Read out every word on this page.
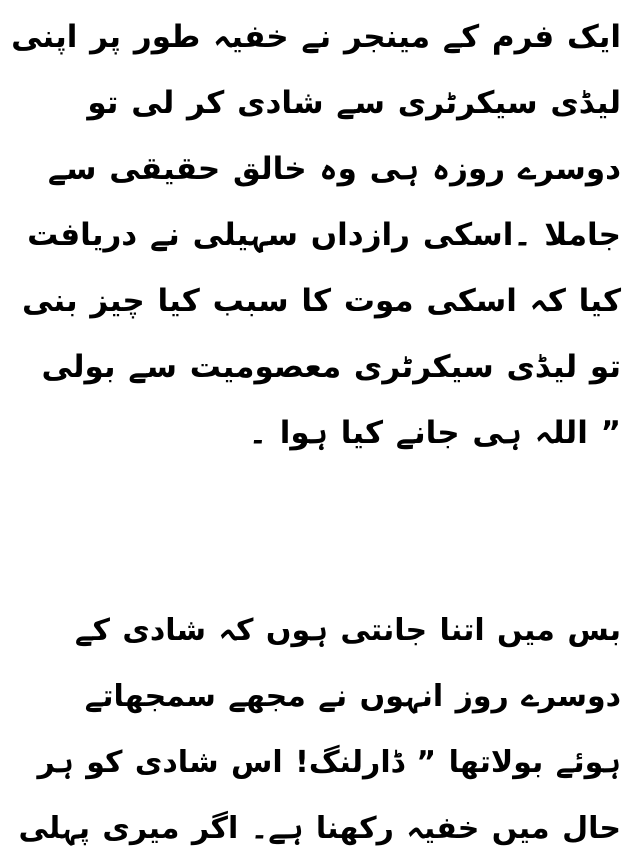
ایک فرم کے مینجر نے خفیہ طور پر اپنی
لیڈی سیکرٹری سے شادی کر لی تو
دوسرے روزہ ہی وہ خالق حقیقی سے
جاملا ۔اسکی رازداں سہیلی نے دریافت
کیا کہ اسکی موت کا سبب کیا چیز بنی
تو لیڈی سیکرٹری معصومیت سے بولی
” اللہ ہی جانے کیا ہوا ۔
بس میں اتنا جانتی ہوں کہ شادی کے
دوسرے روز انہوں نے مجھے سمجھاتے
ہوئے بولاتھا ” ڈارلنگ! اس شادی کو ہر
حال میں خفیہ رکھنا ہے۔ اگر میری پہلی
